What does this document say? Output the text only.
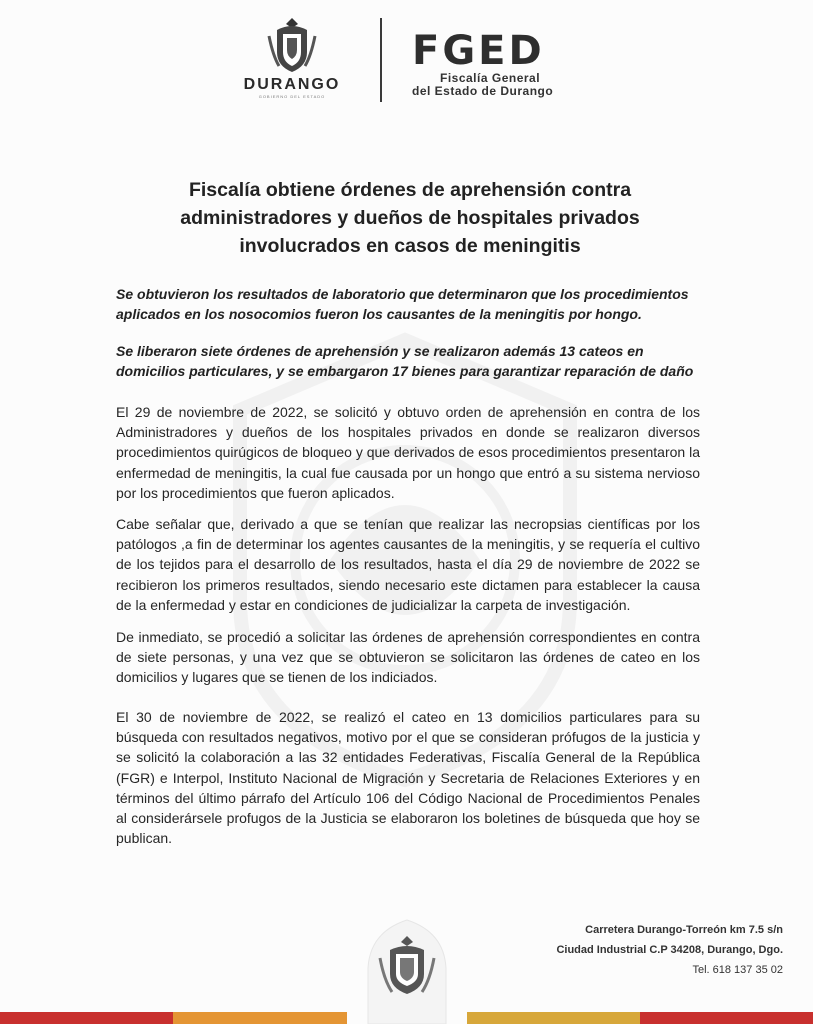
DURANGO
GOBIERNO DEL ESTADO
FGED
Fiscalía General
del Estado de Durango
Fiscalía obtiene órdenes de aprehensión contra
administradores y dueños de hospitales privados
involucrados en casos de meningitis

Se obtuvieron los resultados de laboratorio que determinaron que los procedimientos aplicados en los nosocomios fueron los causantes de la meningitis por hongo.

Se liberaron siete órdenes de aprehensión y se realizaron además 13 cateos en domicilios particulares, y se embargaron 17 bienes para garantizar reparación de daño

El 29 de noviembre de 2022, se solicitó y obtuvo orden de aprehensión en contra de los Administradores y dueños de los hospitales privados en donde se realizaron diversos procedimientos quirúgicos de bloqueo y que derivados de esos procedimientos presentaron la enfermedad de meningitis, la cual fue causada por un hongo que entró a su sistema nervioso por los procedimientos que fueron aplicados.

Cabe señalar que, derivado a que se tenían que realizar las necropsias científicas por los patólogos ,a fin de determinar los agentes causantes de la meningitis, y se requería el cultivo de los tejidos para el desarrollo de los resultados, hasta el día 29 de noviembre de 2022 se recibieron los primeros resultados, siendo necesario este dictamen para establecer la causa de la enfermedad y estar en condiciones de judicializar la carpeta de investigación.

De inmediato, se procedió a solicitar las órdenes de aprehensión correspondientes en contra de siete personas, y una vez que se obtuvieron se solicitaron las órdenes de cateo en los domicilios y lugares que se tienen de los indiciados.

El 30 de noviembre de 2022, se realizó el cateo en 13 domicilios particulares para su búsqueda con resultados negativos, motivo por el que se consideran prófugos de la justicia y se solicitó la colaboración a las 32 entidades Federativas, Fiscalía General de la República (FGR) e Interpol, Instituto Nacional de Migración y Secretaria de Relaciones Exteriores y en términos del último párrafo del Artículo 106 del Código Nacional de Procedimientos Penales al considerársele profugos de la Justicia se elaboraron los boletines de búsqueda que hoy se publican.

Carretera Durango-Torreón km 7.5 s/n
Ciudad Industrial C.P 34208, Durango, Dgo.
Tel. 618 137 35 02
